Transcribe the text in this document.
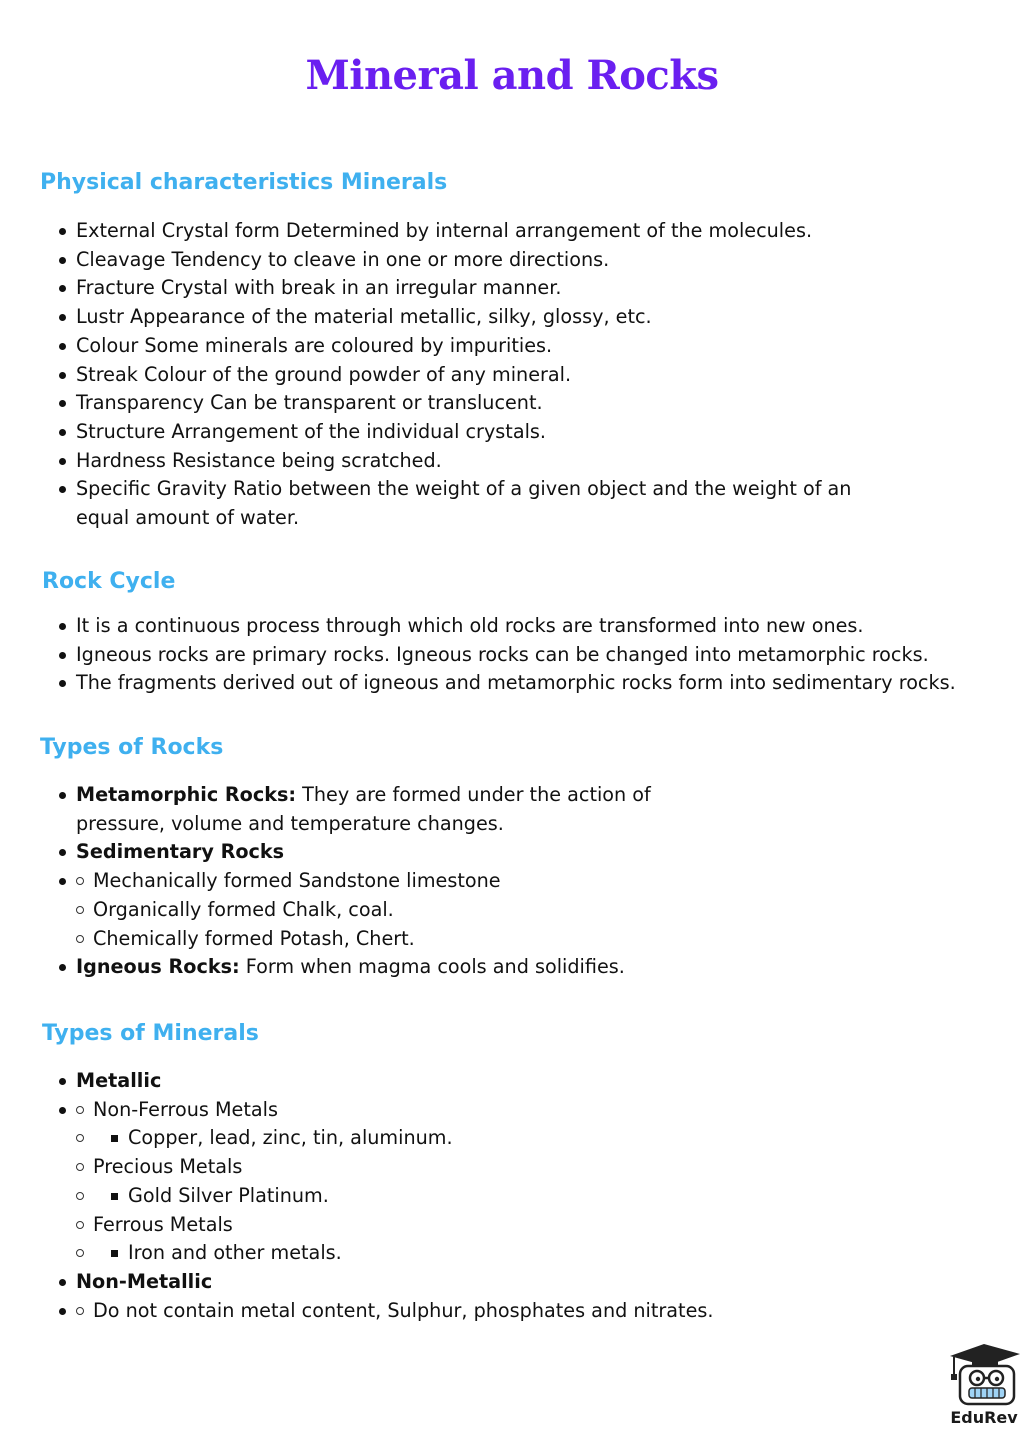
Mineral and Rocks
Physical characteristics Minerals
External Crystal form Determined by internal arrangement of the molecules.
Cleavage Tendency to cleave in one or more directions.
Fracture Crystal with break in an irregular manner.
Lustr Appearance of the material metallic, silky, glossy, etc.
Colour Some minerals are coloured by impurities.
Streak Colour of the ground powder of any mineral.
Transparency Can be transparent or translucent.
Structure Arrangement of the individual crystals.
Hardness Resistance being scratched.
Specific Gravity Ratio between the weight of a given object and the weight of an equal amount of water.
Rock Cycle
It is a continuous process through which old rocks are transformed into new ones.
Igneous rocks are primary rocks. Igneous rocks can be changed into metamorphic rocks.
The fragments derived out of igneous and metamorphic rocks form into sedimentary rocks.
Types of Rocks
Metamorphic Rocks: They are formed under the action of pressure, volume and temperature changes.
Sedimentary Rocks
Mechanically formed Sandstone limestone
Organically formed Chalk, coal.
Chemically formed Potash, Chert.
Igneous Rocks: Form when magma cools and solidifies.
Types of Minerals
Metallic
Non-Ferrous Metals
Copper, lead, zinc, tin, aluminum.
Precious Metals
Gold Silver Platinum.
Ferrous Metals
Iron and other metals.
Non-Metallic
Do not contain metal content, Sulphur, phosphates and nitrates.
EduRev
